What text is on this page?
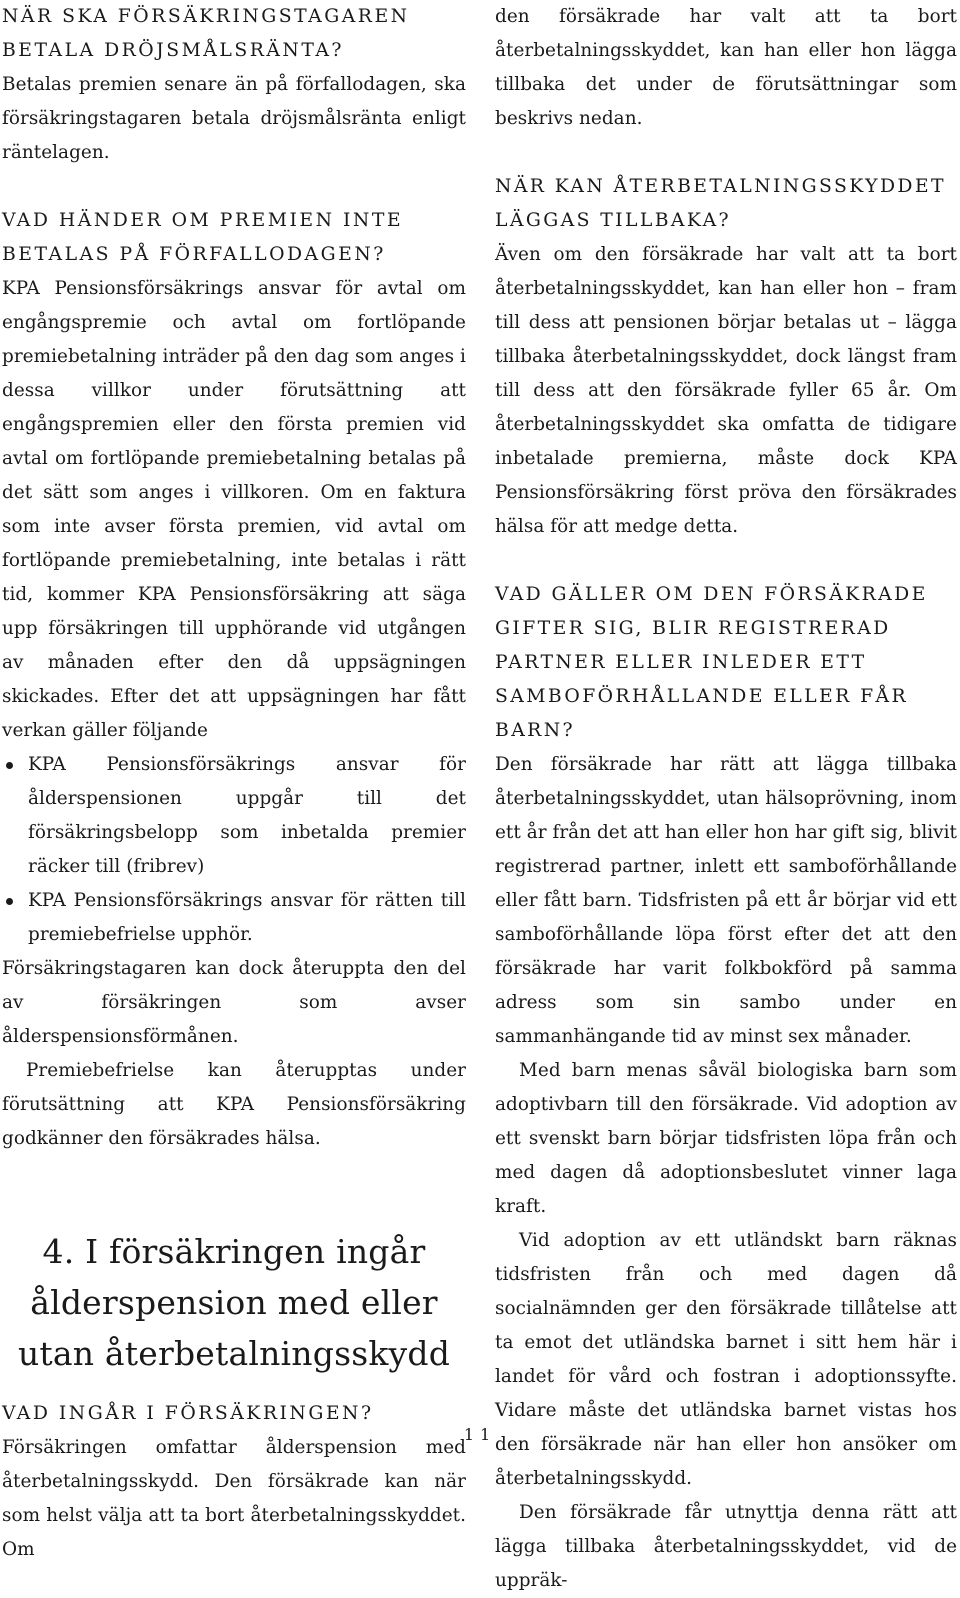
NÄR SKA FÖRSÄKRINGSTAGAREN BETALA DRÖJSMÅLSRÄNTA?

Betalas premien senare än på förfallodagen, ska försäkringstagaren betala dröjsmålsränta enligt räntelagen.

VAD HÄNDER OM PREMIEN INTE BETALAS PÅ FÖRFALLODAGEN?

KPA Pensionsförsäkrings ansvar för avtal om engångspremie och avtal om fortlöpande premiebetalning inträder på den dag som anges i dessa villkor under förutsättning att engångspremien eller den första premien vid avtal om fortlöpande premiebetalning betalas på det sätt som anges i villkoren. Om en faktura som inte avser första premien, vid avtal om fortlöpande premiebetalning, inte betalas i rätt tid, kommer KPA Pensionsförsäkring att säga upp försäkringen till upphörande vid utgången av månaden efter den då uppsägningen skickades. Efter det att uppsägningen har fått verkan gäller följande

KPA Pensionsförsäkrings ansvar för ålderspensionen uppgår till det försäkringsbelopp som inbetalda premier räcker till (fribrev)
KPA Pensionsförsäkrings ansvar för rätten till premiebefrielse upphör.

Försäkringstagaren kan dock återuppta den del av försäkringen som avser ålderspensionsförmånen.

Premiebefrielse kan återupptas under förutsättning att KPA Pensionsförsäkring godkänner den försäkrades hälsa.

4. I försäkringen ingår ålderspension med eller utan återbetalningsskydd
VAD INGÅR I FÖRSÄKRINGEN?

Försäkringen omfattar ålderspension med återbetalningsskydd. Den försäkrade kan när som helst välja att ta bort återbetalningsskyddet. Om

den försäkrade har valt att ta bort återbetalningsskyddet, kan han eller hon lägga tillbaka det under de förutsättningar som beskrivs nedan.

NÄR KAN ÅTERBETALNINGSSKYDDET LÄGGAS TILLBAKA?

Även om den försäkrade har valt att ta bort återbetalningsskyddet, kan han eller hon – fram till dess att pensionen börjar betalas ut – lägga tillbaka återbetalningsskyddet, dock längst fram till dess att den försäkrade fyller 65 år. Om återbetalningsskyddet ska omfatta de tidigare inbetalade premierna, måste dock KPA Pensionsförsäkring först pröva den försäkrades hälsa för att medge detta.

VAD GÄLLER OM DEN FÖRSÄKRADE GIFTER SIG, BLIR REGISTRERAD PARTNER ELLER INLEDER ETT SAMBOFÖRHÅLLANDE ELLER FÅR BARN?

Den försäkrade har rätt att lägga tillbaka återbetalningsskyddet, utan hälsoprövning, inom ett år från det att han eller hon har gift sig, blivit registrerad partner, inlett ett samboförhållande eller fått barn. Tidsfristen på ett år börjar vid ett samboförhållande löpa först efter det att den försäkrade har varit folkbokförd på samma adress som sin sambo under en sammanhängande tid av minst sex månader.

Med barn menas såväl biologiska barn som adoptivbarn till den försäkrade. Vid adoption av ett svenskt barn börjar tidsfristen löpa från och med dagen då adoptionsbeslutet vinner laga kraft.

Vid adoption av ett utländskt barn räknas tidsfristen från och med dagen då socialnämnden ger den försäkrade tillåtelse att ta emot det utländska barnet i sitt hem här i landet för vård och fostran i adoptionssyfte. Vidare måste det utländska barnet vistas hos den försäkrade när han eller hon ansöker om återbetalningsskydd.

Den försäkrade får utnyttja denna rätt att lägga tillbaka återbetalningsskyddet, vid de uppräk-

11
